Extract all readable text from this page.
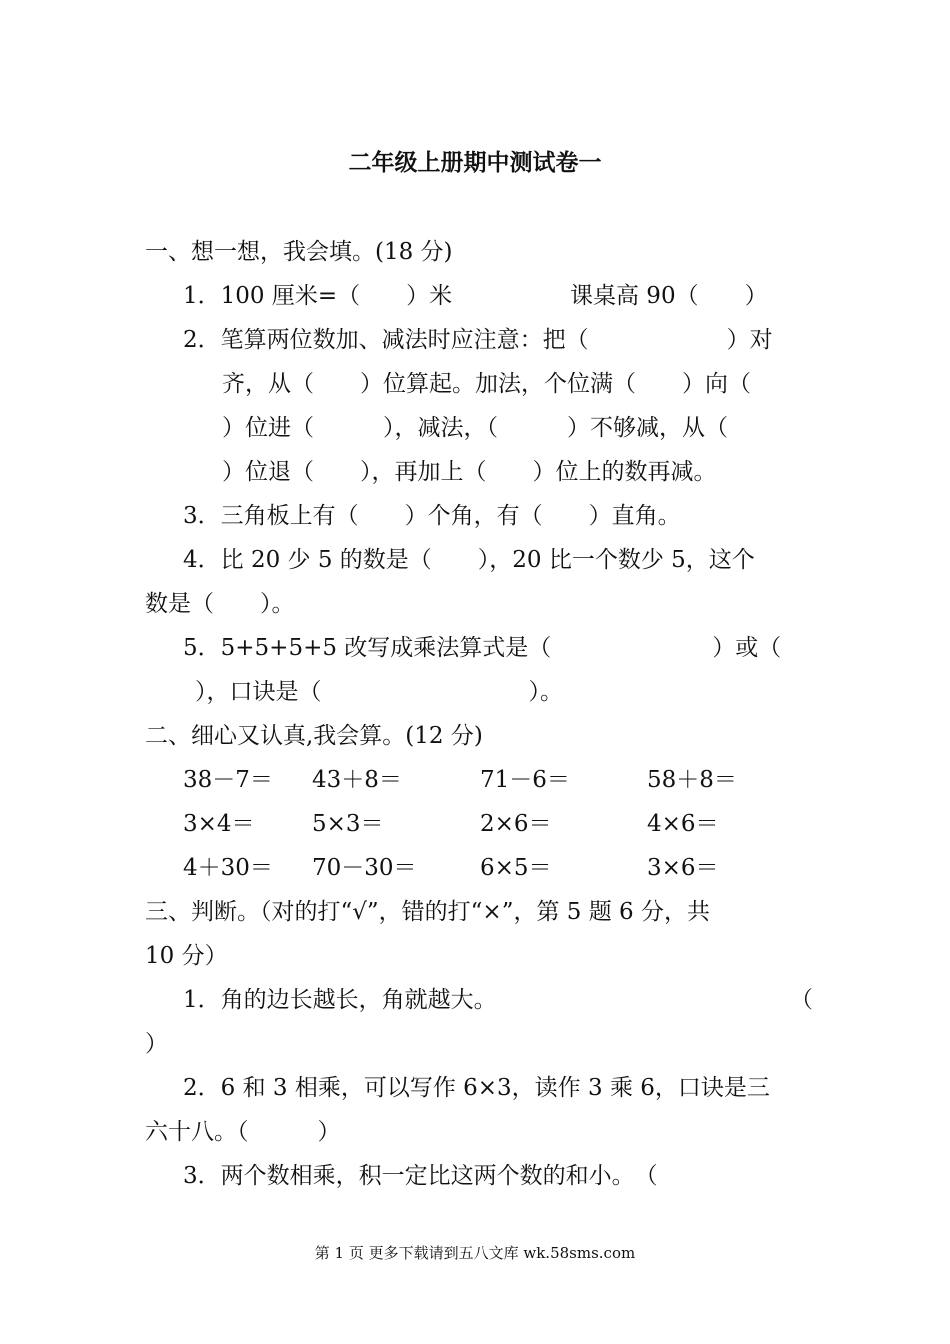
二年级上册期中测试卷一
一、想一想，我会填。(18 分)
1．100 厘米=（　　）米	课桌高 90（　　）
2．笔算两位数加、减法时应注意：把（　　　　　　）对
齐，从（　　）位算起。加法，个位满（　　）向（
）位进（　　　），减法，（　　　）不够减，从（
）位退（　　），再加上（　　）位上的数再减。
3．三角板上有（　　）个角，有（　　）直角。
4．比 20 少 5 的数是（　　），20 比一个数少 5，这个
数是（　　）。
5．5+5+5+5 改写成乘法算式是（　　　　　　　）或（
），口诀是（　　　　　　　　　）。
二、细心又认真,我会算。(12 分)
38－7＝ 43＋8＝	71－6＝	58＋8＝
3×4＝ 5×3＝	2×6＝	4×6＝
4＋30＝ 70－30＝	6×5＝	3×6＝
三、判断。（对的打“√”，错的打“×”，第 5 题 6 分，共
10 分）
1．角的边长越长，角就越大。	（
）
2．6 和 3 相乘，可以写作 6×3，读作 3 乘 6，口诀是三
六十八。（　　　）
3．两个数相乘，积一定比这两个数的和小。　（
第 1 页 更多下载请到五八文库 wk.58sms.com
